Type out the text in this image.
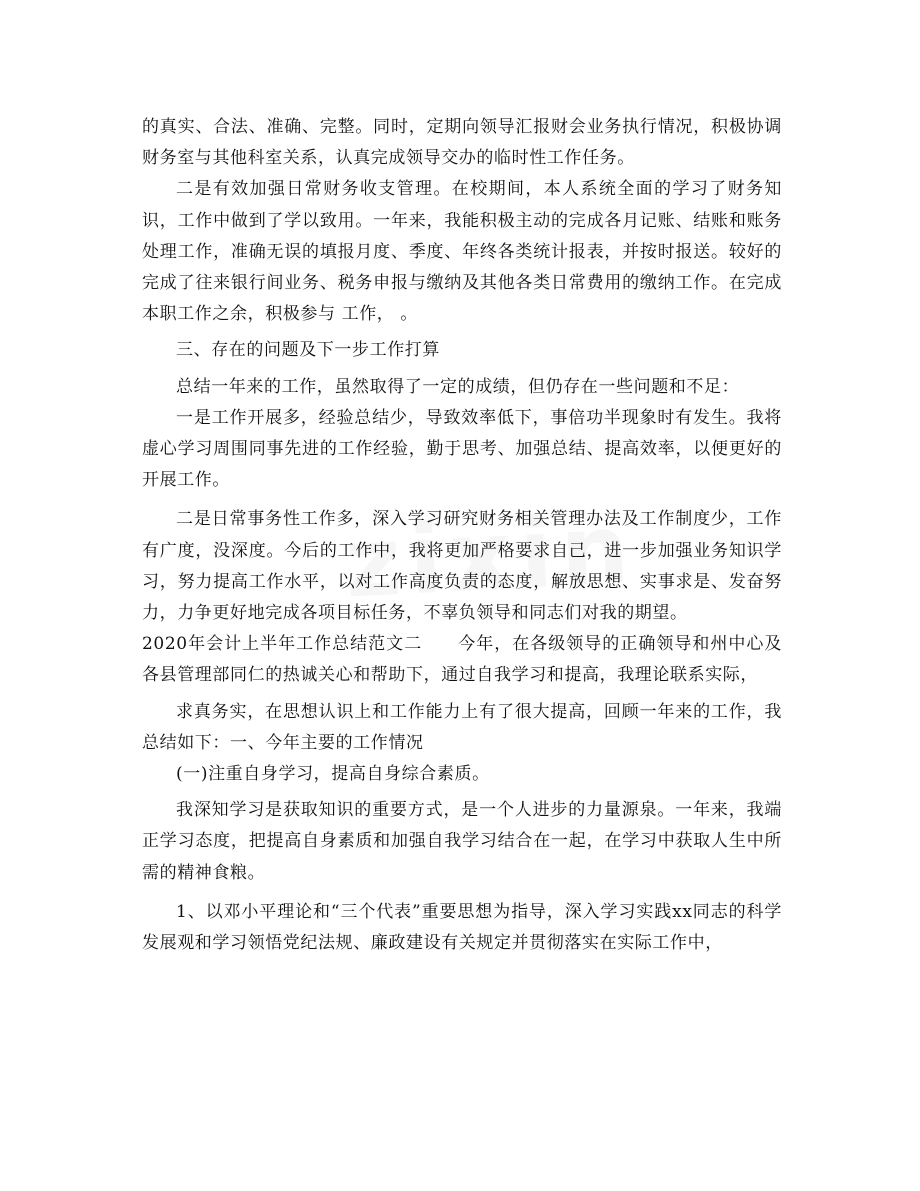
的真实、合法、准确、完整。同时，定期向领导汇报财会业务执行情况，积极协调财务室与其他科室关系，认真完成领导交办的临时性工作任务。

二是有效加强日常财务收支管理。在校期间，本人系统全面的学习了财务知识，工作中做到了学以致用。一年来，我能积极主动的完成各月记账、结账和账务处理工作，准确无误的填报月度、季度、年终各类统计报表，并按时报送。较好的完成了往来银行间业务、税务申报与缴纳及其他各类日常费用的缴纳工作。在完成本职工作之余，积极参与 工作， 。

三、存在的问题及下一步工作打算

总结一年来的工作，虽然取得了一定的成绩，但仍存在一些问题和不足：

一是工作开展多，经验总结少，导致效率低下，事倍功半现象时有发生。我将虚心学习周围同事先进的工作经验，勤于思考、加强总结、提高效率，以便更好的开展工作。

二是日常事务性工作多，深入学习研究财务相关管理办法及工作制度少，工作有广度，没深度。今后的工作中，我将更加严格要求自己，进一步加强业务知识学习，努力提高工作水平，以对工作高度负责的态度，解放思想、实事求是、发奋努力，力争更好地完成各项目标任务，不辜负领导和同志们对我的期望。

2020年会计上半年工作总结范文二　　今年，在各级领导的正确领导和州中心及各县管理部同仁的热诚关心和帮助下，通过自我学习和提高，我理论联系实际，

求真务实，在思想认识上和工作能力上有了很大提高，回顾一年来的工作，我总结如下：一、今年主要的工作情况

(一)注重自身学习，提高自身综合素质。

我深知学习是获取知识的重要方式，是一个人进步的力量源泉。一年来，我端正学习态度，把提高自身素质和加强自我学习结合在一起，在学习中获取人生中所需的精神食粮。

1、以邓小平理论和“三个代表”重要思想为指导，深入学习实践xx同志的科学发展观和学习领悟党纪法规、廉政建设有关规定并贯彻落实在实际工作中，
